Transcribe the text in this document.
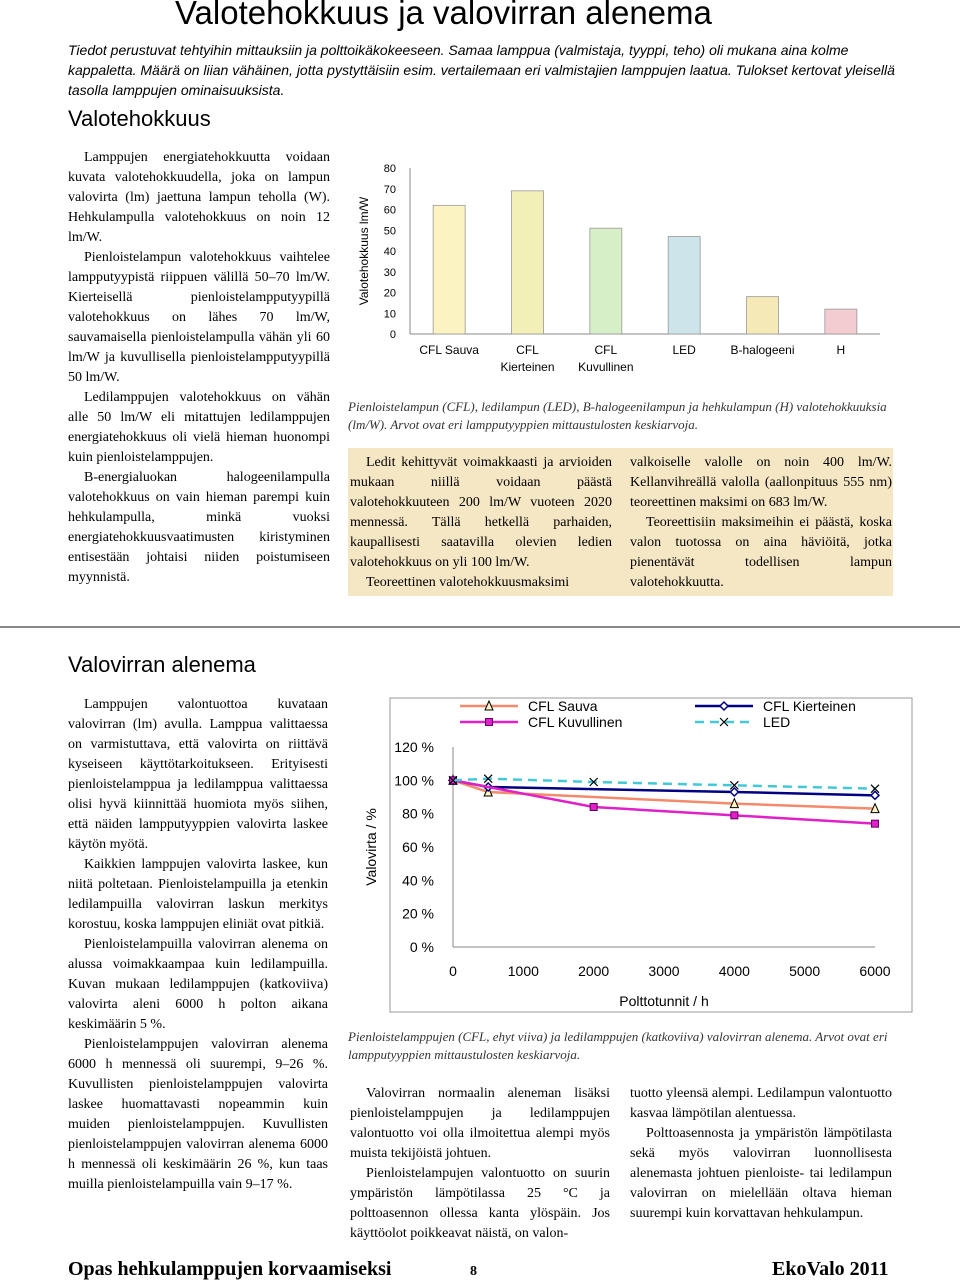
Valotehokkuus ja valovirran alenema

Tiedot perustuvat tehtyihin mittauksiin ja polttoikäkokeeseen. Samaa lamppua (valmistaja, tyyppi, teho) oli mukana aina kolme kappaletta. Määrä on liian vähäinen, jotta pystyttäisiin esim. vertailemaan eri valmistajien lamppujen laatua. Tulokset kertovat yleisellä tasolla lamppujen ominaisuuksista.

Valotehokkuus

Lamppujen energiatehokkuutta voidaan kuvata valotehokkuudella, joka on lampun valovirta (lm) jaettuna lampun teholla (W). Hehkulampulla valotehokkuus on noin 12 lm/W.

Pienloistelampun valotehokkuus vaihtelee lampputyypistä riippuen välillä 50–70 lm/W. Kierteisellä pienloistelampputyypillä valotehokkuus on lähes 70 lm/W, sauvamaisella pienloistelampulla vähän yli 60 lm/W ja kuvullisella pienloistelampputyypillä 50 lm/W.

Ledilamppujen valotehokkuus on vähän alle 50 lm/W eli mitattujen ledilamppujen energiatehokkuus oli vielä hieman huonompi kuin pienloistelamppujen.

B-energialuokan halogeenilampulla valotehokkuus on vain hieman parempi kuin hehkulampulla, minkä vuoksi energiatehokkuusvaatimusten kiristyminen entisestään johtaisi niiden poistumiseen myynnistä.

0
10
20
30
40
50
60
70
80
Valotehokkuus lm/W
CFL Sauva	CFL
Kierteinen
CFL
Kuvullinen
LED	B-halogeeni	H

Pienloistelampun (CFL), ledilampun (LED), B-halogeenilampun ja hehkulampun (H) valotehokkuuksia (lm/W). Arvot ovat eri lampputyyppien mittaustulosten keskiarvoja.

Ledit kehittyvät voimakkaasti ja arvioiden mukaan niillä voidaan päästä valotehokkuuteen 200 lm/W vuoteen 2020 mennessä. Tällä hetkellä parhaiden, kaupallisesti saatavilla olevien ledien valotehokkuus on yli 100 lm/W.

Teoreettinen valotehokkuusmaksimi

valkoiselle valolle on noin 400 lm/W. Kellanvihreällä valolla (aallonpituus 555 nm) teoreettinen maksimi on 683 lm/W.

Teoreettisiin maksimeihin ei päästä, koska valon tuotossa on aina häviöitä, jotka pienentävät todellisen lampun valotehokkuutta.

Valovirran alenema

Lamppujen valontuottoa kuvataan valovirran (lm) avulla. Lamppua valittaessa on varmistuttava, että valovirta on riittävä kyseiseen käyttötarkoitukseen. Erityisesti pienloistelamppua ja ledilamppua valittaessa olisi hyvä kiinnittää huomiota myös siihen, että näiden lampputyyppien valovirta laskee käytön myötä.

Kaikkien lamppujen valovirta laskee, kun niitä poltetaan. Pienloistelampuilla ja etenkin ledilampuilla valovirran laskun merkitys korostuu, koska lamppujen eliniät ovat pitkiä.

Pienloistelampuilla valovirran alenema on alussa voimakkaampaa kuin ledilampuilla. Kuvan mukaan ledilamppujen (katkoviiva) valovirta aleni 6000 h polton aikana keskimäärin 5 %.

Pienloistelamppujen valovirran alenema 6000 h mennessä oli suurempi, 9–26 %. Kuvullisten pienloistelamppujen valovirta laskee huomattavasti nopeammin kuin muiden pienloistelamppujen. Kuvullisten pienloistelamppujen valovirran alenema 6000 h mennessä oli keskimäärin 26 %, kun taas muilla pienloistelampuilla vain 9–17 %.

0 %
20 %
40 %
60 %
80 %
100 %
120 %
0	1000	2000	3000	4000	5000	6000
Polttotunnit / h
Valovirta / %
CFL Sauva	CFL Kierteinen
CFL Kuvullinen	LED

Pienloistelamppujen (CFL, ehyt viiva) ja ledilamppujen (katkoviiva) valovirran alenema. Arvot ovat eri lampputyyppien mittaustulosten keskiarvoja.

Valovirran normaalin aleneman lisäksi pienloistelamppujen ja ledilamppujen valontuotto voi olla ilmoitettua alempi myös muista tekijöistä johtuen.

Pienloistelampujen valontuotto on suurin ympäristön lämpötilassa 25 °C ja polttoasennon ollessa kanta ylöspäin. Jos käyttöolot poikkeavat näistä, on valon-

tuotto yleensä alempi. Ledilampun valontuotto kasvaa lämpötilan alentuessa.

Polttoasennosta ja ympäristön lämpötilasta sekä myös valovirran luonnollisesta alenemasta johtuen pienloiste- tai ledilampun valovirran on mielellään oltava hieman suurempi kuin korvattavan hehkulampun.

Opas hehkulamppujen korvaamiseksi	8	EkoValo 2011
